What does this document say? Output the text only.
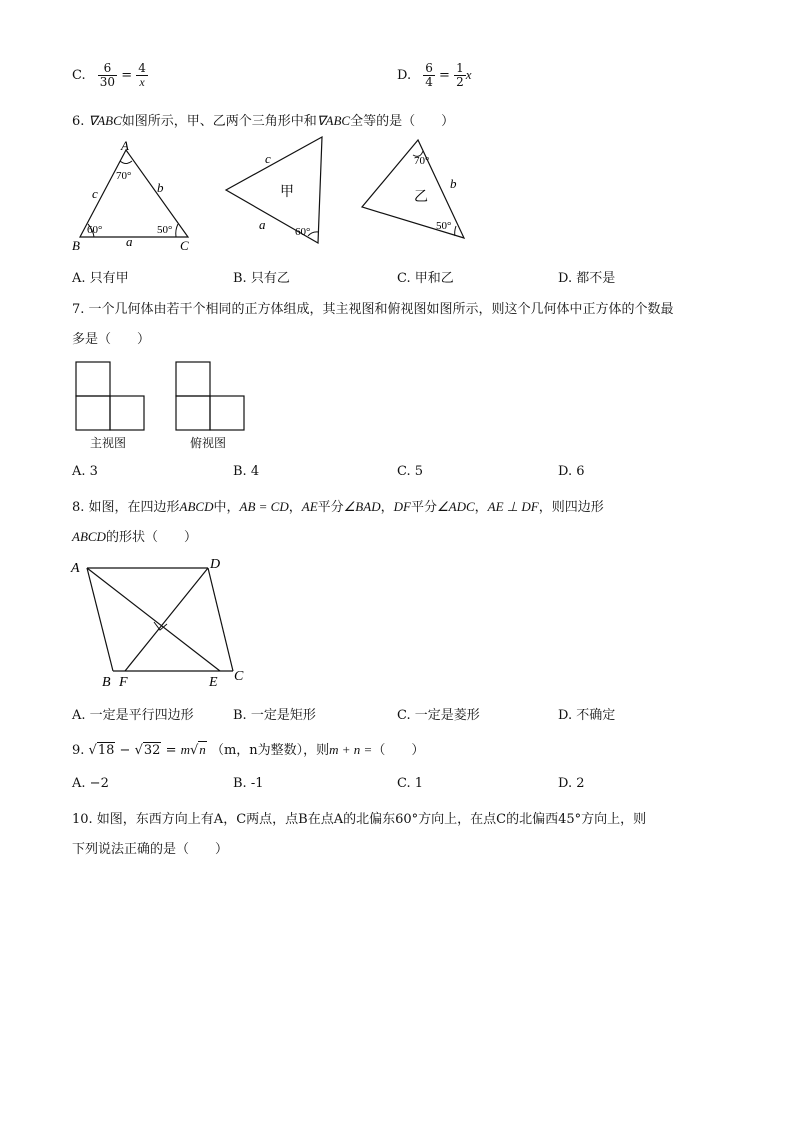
C. $\frac{6}{30} = \frac{4}{x}$	D. $\frac{6}{4} = \frac{1}{2}$ x
6. ∇ABC如图所示，甲、乙两个三角形中和∇ABC全等的是（　　）
A
B	C
a
b
c
70°
60°	50°
c
a
甲
60°
70°
b
乙
50°
A. 只有甲	B. 只有乙	C. 甲和乙	D. 都不是
7. 一个几何体由若干个相同的正方体组成，其主视图和俯视图如图所示，则这个几何体中正方体的个数最
多是（　　）
主视图	俯视图
A. 3	B. 4	C. 5	D. 6
8. 如图，在四边形ABCD中，AB = CD，AE平分∠BAD，DF平分∠ADC，AE ⊥ DF，则四边形
ABCD的形状（　　）
A	D
B F	E C
A. 一定是平行四边形	B. 一定是矩形	C. 一定是菱形	D. 不确定
9. √18 − √32 = m√n （m，n为整数），则m + n =（　　）
A. −2	B. -1	C. 1	D. 2
10. 如图，东西方向上有A，C两点，点B在点A的北偏东60°方向上，在点C的北偏西45°方向上，则
下列说法正确的是（　　）
